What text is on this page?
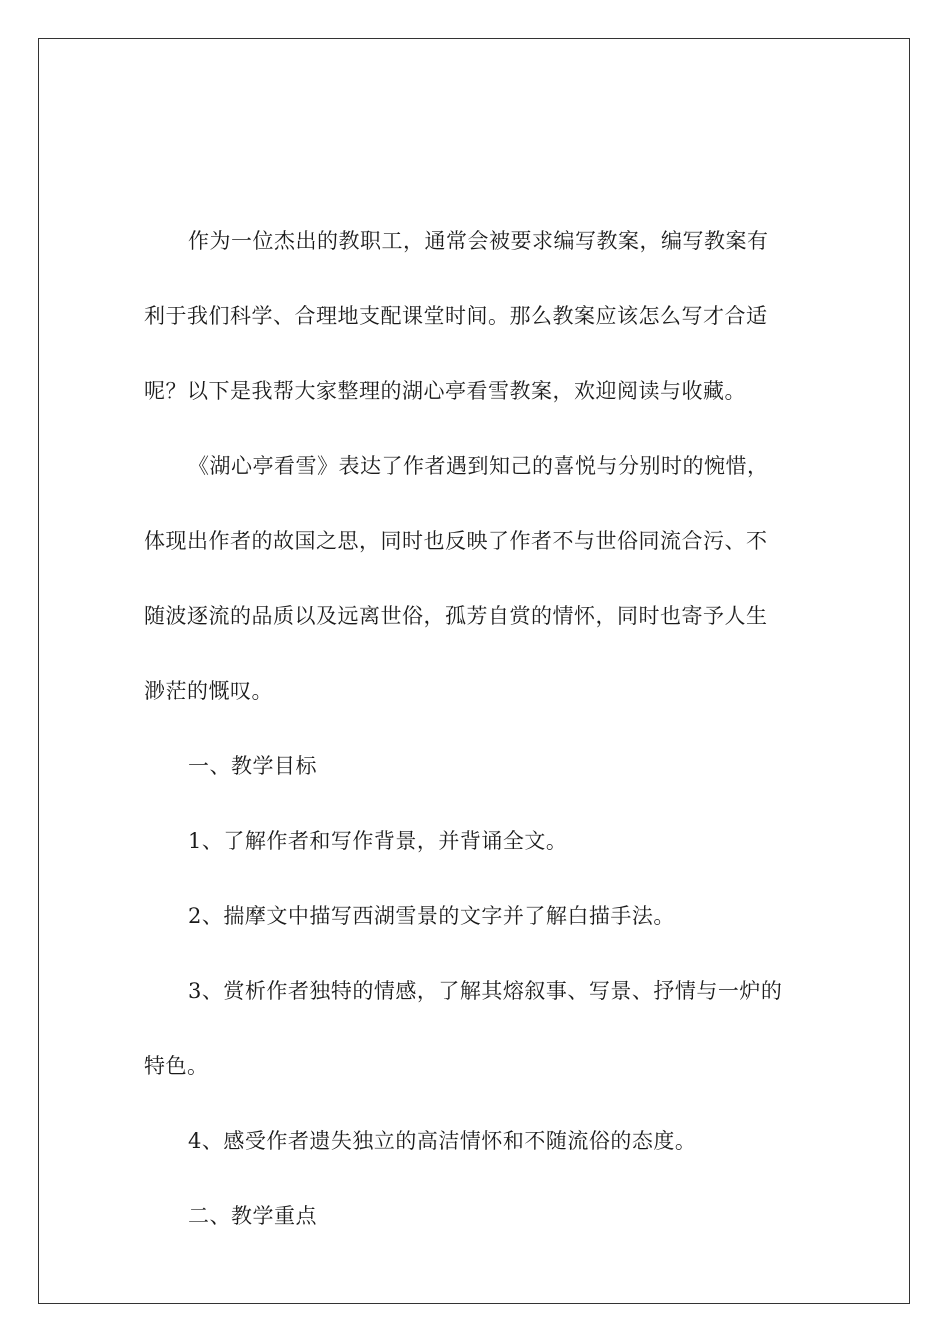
作为一位杰出的教职工，通常会被要求编写教案，编写教案有
利于我们科学、合理地支配课堂时间。那么教案应该怎么写才合适
呢？以下是我帮大家整理的湖心亭看雪教案，欢迎阅读与收藏。
《湖心亭看雪》表达了作者遇到知己的喜悦与分别时的惋惜，
体现出作者的故国之思，同时也反映了作者不与世俗同流合污、不
随波逐流的品质以及远离世俗，孤芳自赏的情怀，同时也寄予人生
渺茫的慨叹。
一、教学目标
1、了解作者和写作背景，并背诵全文。
2、揣摩文中描写西湖雪景的文字并了解白描手法。
3、赏析作者独特的情感，了解其熔叙事、写景、抒情与一炉的
特色。
4、感受作者遗失独立的高洁情怀和不随流俗的态度。
二、教学重点
